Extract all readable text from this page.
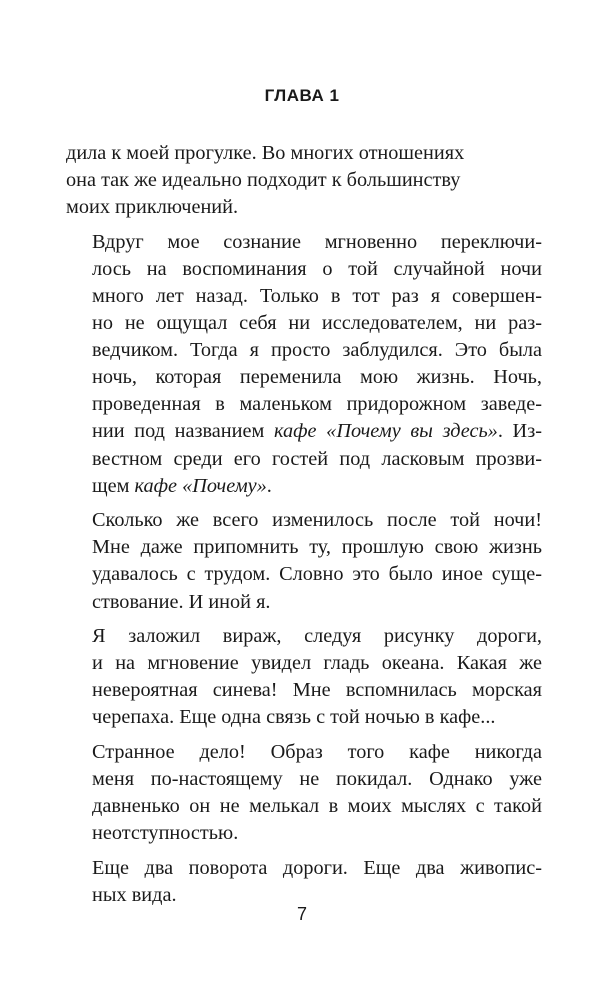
ГЛАВА 1
дила к моей прогулке. Во многих отношениях
она так же идеально подходит к большинству
моих приключений.
Вдруг мое сознание мгновенно переключи-
лось на воспоминания о той случайной ночи
много лет назад. Только в тот раз я совершен-
но не ощущал себя ни исследователем, ни раз-
ведчиком. Тогда я просто заблудился. Это была
ночь, которая переменила мою жизнь. Ночь,
проведенная в маленьком придорожном заведе-
нии под названием кафе «Почему вы здесь». Из-
вестном среди его гостей под ласковым прозви-
щем кафе «Почему».
Сколько же всего изменилось после той ночи!
Мне даже припомнить ту, прошлую свою жизнь
удавалось с трудом. Словно это было иное суще-
ствование. И иной я.
Я заложил вираж, следуя рисунку дороги,
и на мгновение увидел гладь океана. Какая же
невероятная синева! Мне вспомнилась морская
черепаха. Еще одна связь с той ночью в кафе...
Странное дело! Образ того кафе никогда
меня по-настоящему не покидал. Однако уже
давненько он не мелькал в моих мыслях с такой
неотступностью.
Еще два поворота дороги. Еще два живопис-
ных вида.
7
